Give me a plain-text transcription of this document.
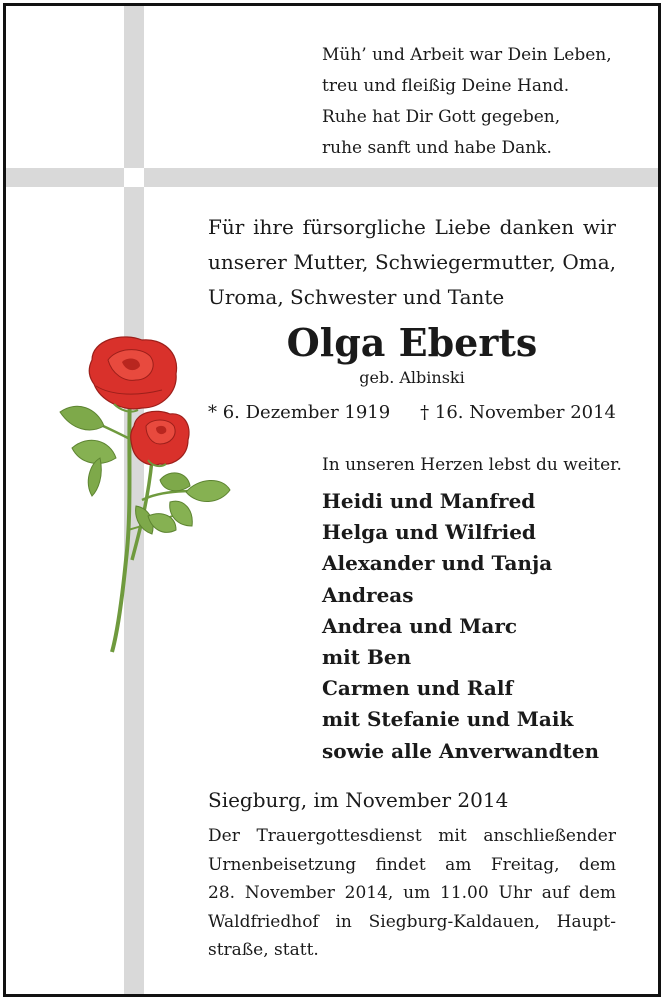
Müh’ und Arbeit war Dein Leben,
treu und fleißig Deine Hand.
Ruhe hat Dir Gott gegeben,
ruhe sanft und habe Dank.
Für ihre fürsorgliche Liebe danken wir
unserer Mutter, Schwiegermutter, Oma,
Uroma, Schwester und Tante
Olga Eberts
geb. Albinski
* 6. Dezember 1919 † 16. November 2014
In unseren Herzen lebst du weiter.
Heidi und Manfred
Helga und Wilfried
Alexander und Tanja
Andreas
Andrea und Marc
mit Ben
Carmen und Ralf
mit Stefanie und Maik
sowie alle Anverwandten
Siegburg, im November 2014
Der Trauergottesdienst mit anschließender
Urnenbeisetzung findet am Freitag, dem
28. November 2014, um 11.00 Uhr auf dem
Waldfriedhof in Siegburg-Kaldauen, Haupt-
straße, statt.
